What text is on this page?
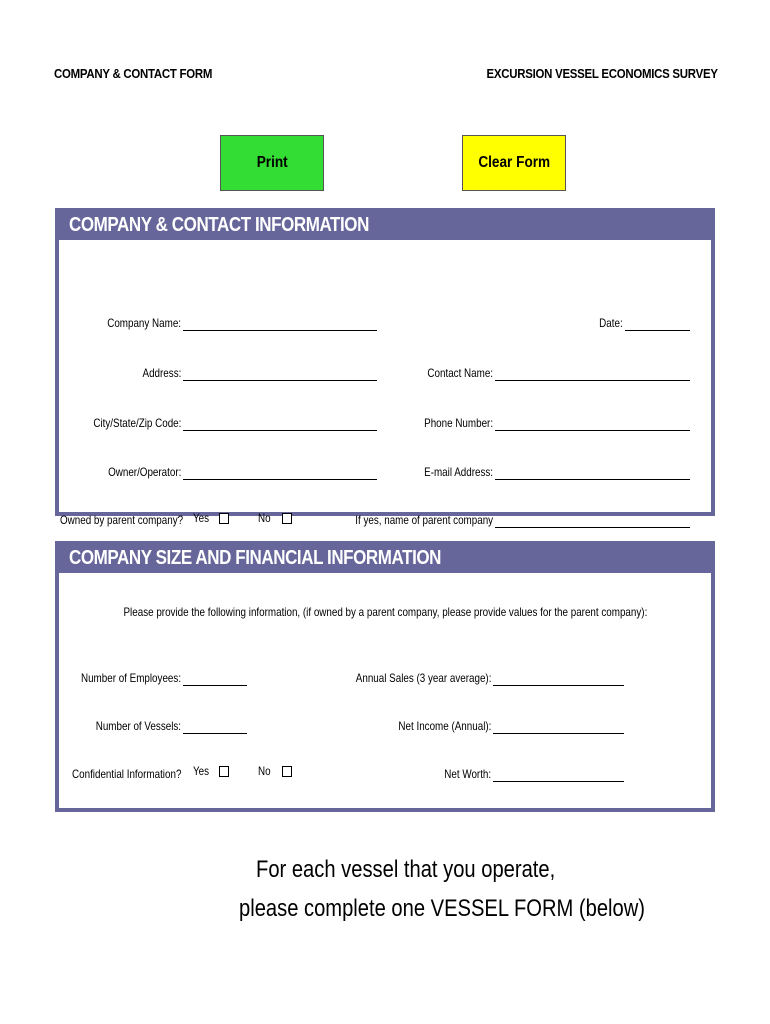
COMPANY & CONTACT FORM	EXCURSION VESSEL ECONOMICS SURVEY
Print	Clear Form
COMPANY & CONTACT INFORMATION
Company Name:	Date:
Address:	Contact Name:
City/State/Zip Code:	Phone Number:
Owner/Operator:	E-mail Address:
Owned by parent company? Yes	No	If yes, name of parent company
COMPANY SIZE AND FINANCIAL INFORMATION
Please provide the following information, (if owned by a parent company, please provide values for the parent company):
Number of Employees:	Annual Sales (3 year average):
Number of Vessels:	Net Income (Annual):
Confidential Information? Yes	No	Net Worth:
For each vessel that you operate,
please complete one VESSEL FORM (below)
